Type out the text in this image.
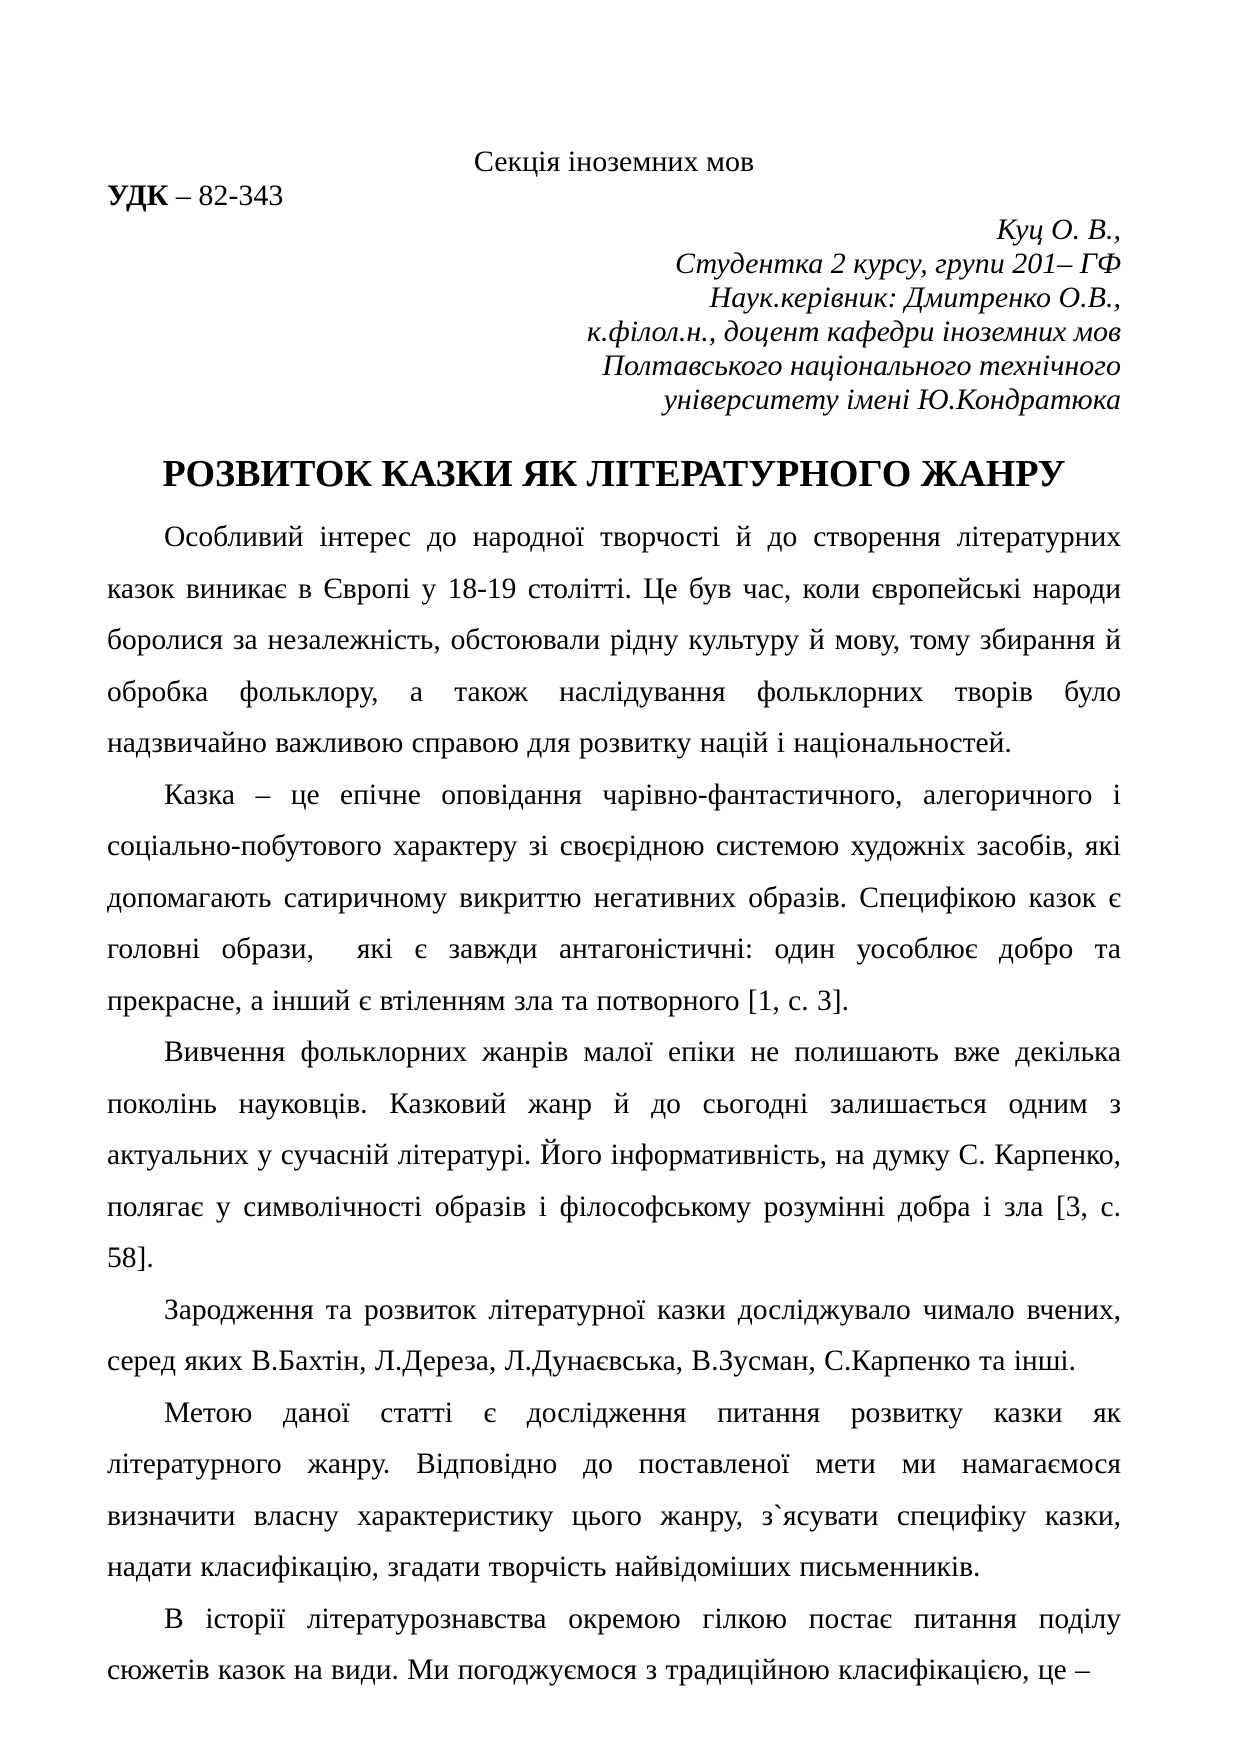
Секція іноземних мов
УДК – 82-343
Куц О. В.,
Студентка 2 курсу, групи 201– ГФ
Наук.керівник: Дмитренко О.В.,
к.філол.н., доцент кафедри іноземних мов
Полтавського національного технічного
університету імені Ю.Кондратюка
РОЗВИТОК КАЗКИ ЯК ЛІТЕРАТУРНОГО ЖАНРУ

Особливий інтерес до народної творчості й до створення літературних казок виникає в Європі у 18-19 столітті. Це був час, коли європейські народи боролися за незалежність, обстоювали рідну культуру й мову, тому збирання й обробка фольклору, а також наслідування фольклорних творів було надзвичайно важливою справою для розвитку націй і національностей.

Казка – це епічне оповідання чарівно-фантастичного, алегоричного і соціально-побутового характеру зі своєрідною системою художніх засобів, які допомагають сатиричному викриттю негативних образів. Специфікою казок є головні образи,  які є завжди антагоністичні: один уособлює добро та прекрасне, а інший є втіленням зла та потворного [1, с. 3].

Вивчення фольклорних жанрів малої епіки не полишають вже декілька поколінь науковців. Казковий жанр й до сьогодні залишається одним з актуальних у сучасній літературі. Його інформативність, на думку С. Карпенко, полягає у символічності образів і філософському розумінні добра і зла [3, с. 58].

Зародження та розвиток літературної казки досліджувало чимало вчених, серед яких В.Бахтін, Л.Дереза, Л.Дунаєвська, В.Зусман, С.Карпенко та інші.

Метою даної статті є дослідження питання розвитку казки як літературного жанру. Відповідно до поставленої мети ми намагаємося визначити власну характеристику цього жанру, з`ясувати специфіку казки, надати класифікацію, згадати творчість найвідоміших письменників.

В історії літературознавства окремою гілкою постає питання поділу сюжетів казок на види. Ми погоджуємося з традиційною класифікацією, це –
